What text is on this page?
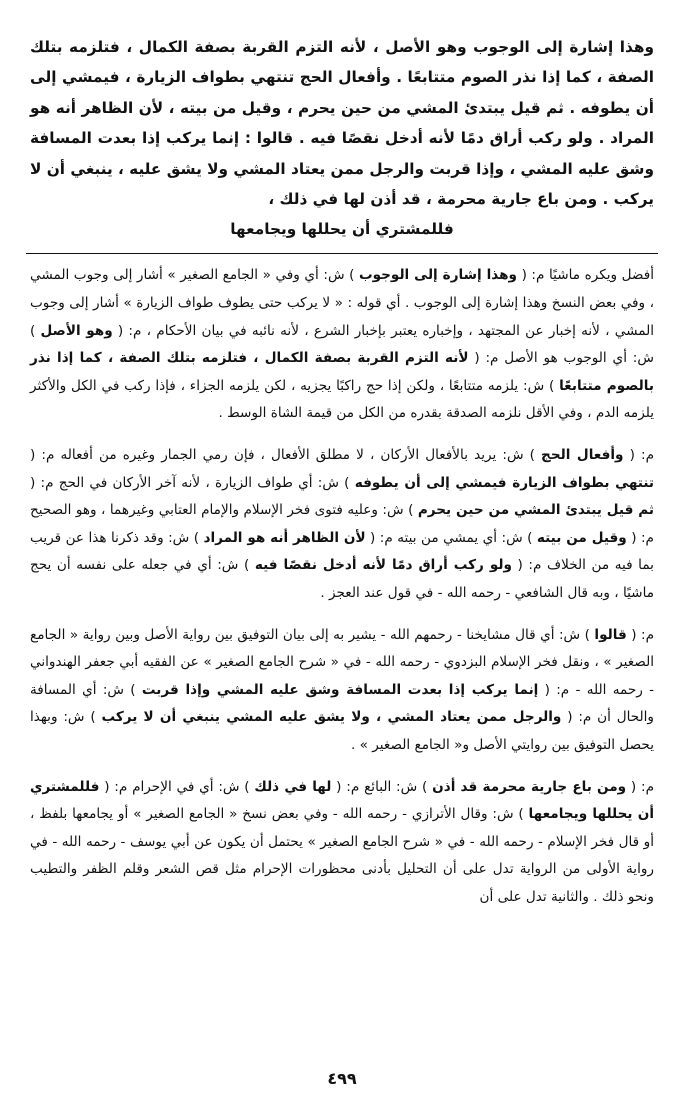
وهذا إشارة إلى الوجوب وهو الأصل ، لأنه التزم القربة بصفة الكمال ، فتلزمه بتلك الصفة ، كما إذا نذر الصوم متتابعًا . وأفعال الحج تنتهي بطواف الزيارة ، فيمشي إلى أن يطوفه . ثم قيل يبتدئ المشي من حين يحرم ، وقيل من بيته ، لأن الظاهر أنه هو المراد . ولو ركب أراق دمًا لأنه أدخل نقصًا فيه . قالوا : إنما يركب إذا بعدت المسافة وشق عليه المشي ، وإذا قربت والرجل ممن يعتاد المشي ولا يشق عليه ، ينبغي أن لا يركب . ومن باع جارية محرمة ، قد أذن لها في ذلك ،

فللمشتري أن يحللها ويجامعها

أفضل ويكره ماشيًا م: ( وهذا إشارة إلى الوجوب ) ش: أي وفي « الجامع الصغير » أشار إلى وجوب المشي ، وفي بعض النسخ وهذا إشارة إلى الوجوب . أي قوله : « لا يركب حتى يطوف طواف الزيارة » أشار إلى وجوب المشي ، لأنه إخبار عن المجتهد ، وإخباره يعتبر بإخبار الشرع ، لأنه نائبه في بيان الأحكام ، م: ( وهو الأصل ) ش: أي الوجوب هو الأصل م: ( لأنه التزم القربة بصفة الكمال ، فتلزمه بتلك الصفة ، كما إذا نذر بالصوم متتابعًا ) ش: يلزمه متتابعًا ، ولكن إذا حج راكبًا يجزيه ، لكن يلزمه الجزاء ، فإذا ركب في الكل والأكثر يلزمه الدم ، وفي الأقل نلزمه الصدقة بقدره من الكل من قيمة الشاة الوسط .

م: ( وأفعال الحج ) ش: يريد بالأفعال الأركان ، لا مطلق الأفعال ، فإن رمي الجمار وغيره من أفعاله م: ( تنتهي بطواف الزيارة فيمشي إلى أن يطوفه ) ش: أي طواف الزيارة ، لأنه آخر الأركان في الحج م: ( ثم قيل يبتدئ المشي من حين يحرم ) ش: وعليه فتوى فخر الإسلام والإمام العتابي وغيرهما ، وهو الصحيح م: ( وقيل من بيته ) ش: أي يمشي من بيته م: ( لأن الظاهر أنه هو المراد ) ش: وقد ذكرنا هذا عن قريب بما فيه من الخلاف م: ( ولو ركب أراق دمًا لأنه أدخل نقصًا فيه ) ش: أي في جعله على نفسه أن يحج ماشيًا ، وبه قال الشافعي - رحمه الله - في قول عند العجز .

م: ( قالوا ) ش: أي قال مشايخنا - رحمهم الله - يشير به إلى بيان التوفيق بين رواية الأصل وبين رواية « الجامع الصغير » ، ونقل فخر الإسلام البزدوي - رحمه الله - في « شرح الجامع الصغير » عن الفقيه أبي جعفر الهندواني - رحمه الله - م: ( إنما يركب إذا بعدت المسافة وشق عليه المشي وإذا قربت ) ش: أي المسافة والحال أن م: ( والرجل ممن يعتاد المشي ، ولا يشق عليه المشي ينبغي أن لا يركب ) ش: وبهذا يحصل التوفيق بين روايتي الأصل و« الجامع الصغير » .

م: ( ومن باع جارية محرمة قد أذن ) ش: البائع م: ( لها في ذلك ) ش: أي في الإحرام م: ( فللمشتري أن يحللها ويجامعها ) ش: وقال الأترازي - رحمه الله - وفي بعض نسخ « الجامع الصغير » أو يجامعها بلفظ ، أو قال فخر الإسلام - رحمه الله - في « شرح الجامع الصغير » يحتمل أن يكون عن أبي يوسف - رحمه الله - في رواية الأولى من الرواية تدل على أن التحليل بأدنى محظورات الإحرام مثل قص الشعر وقلم الظفر والتطيب ونحو ذلك . والثانية تدل على أن

٤٩٩
